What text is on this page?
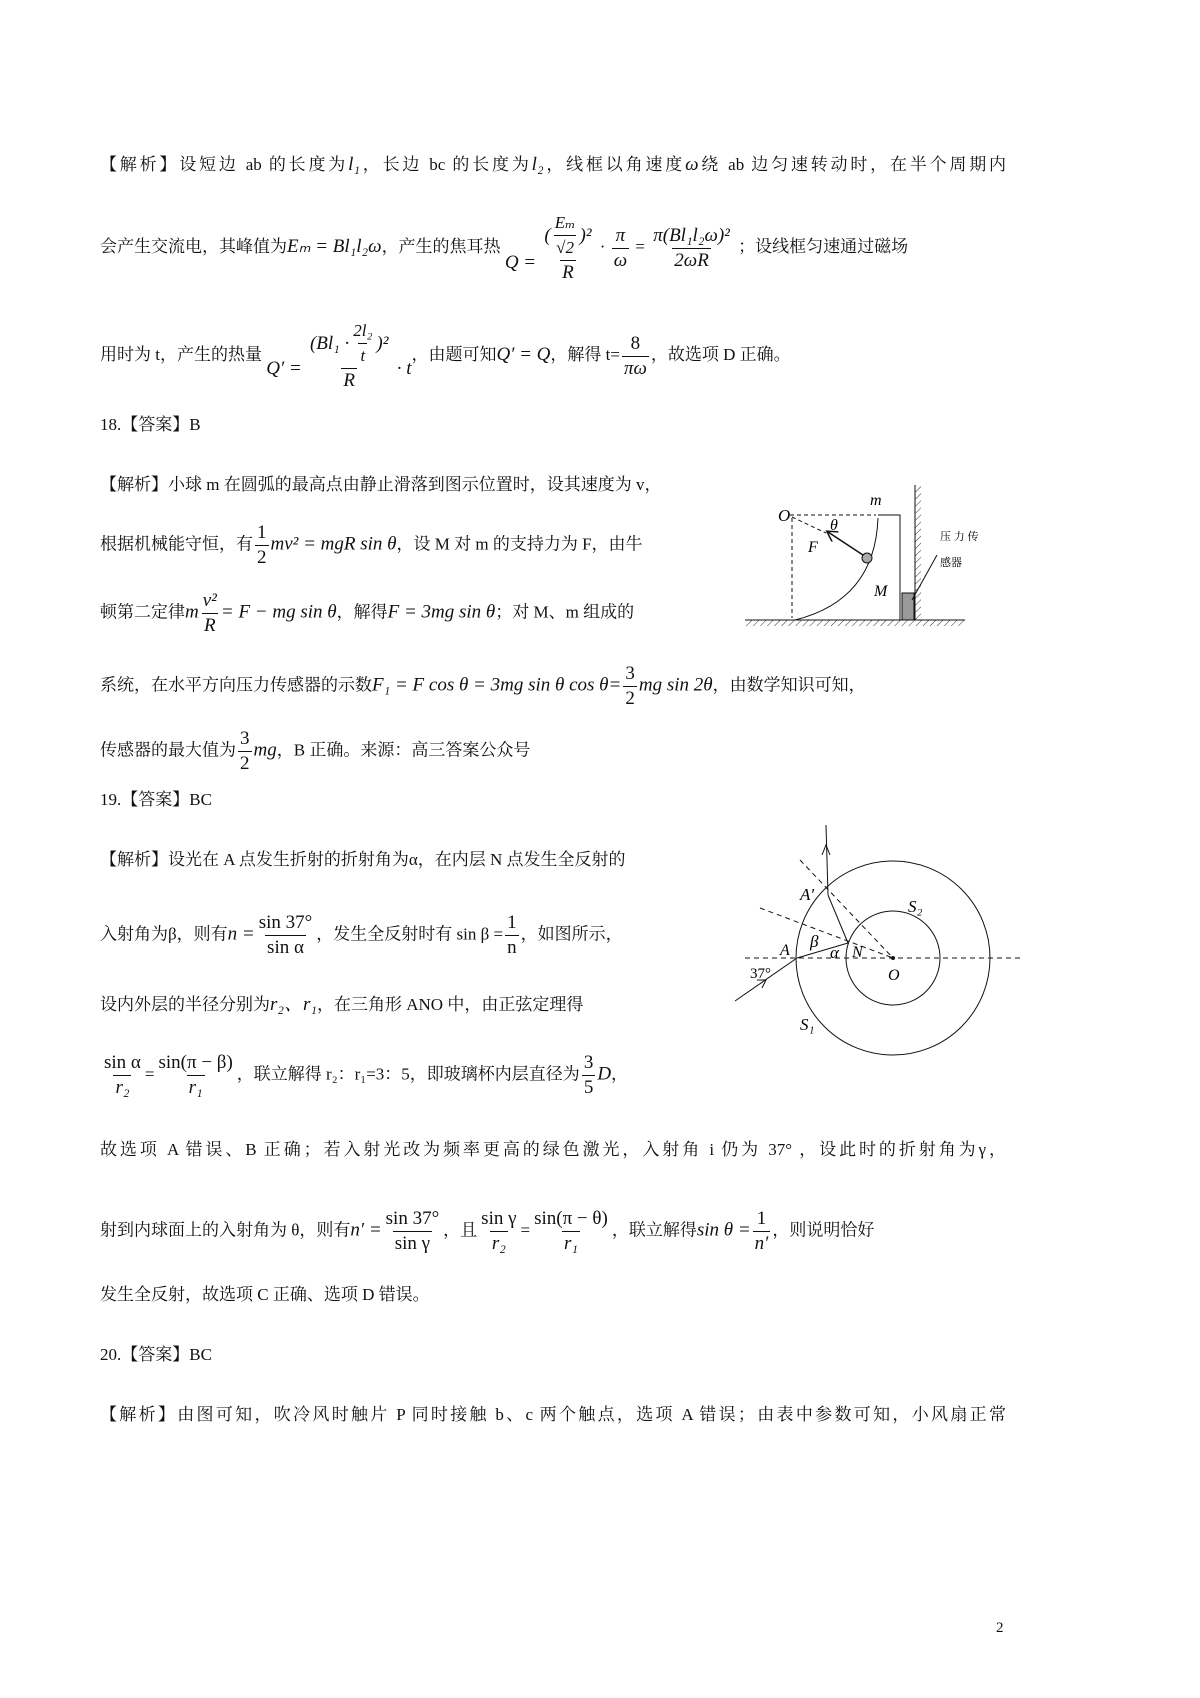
【解析】设短边 ab 的长度为l₁，长边 bc 的长度为l₂，线框以角速度ω绕 ab 边匀速转动时，在半个周期内
会产生交流电，其峰值为Eₘ = Bl₁l₂ω，产生的焦耳热 $Q = \frac{( \frac{\text{Eₘ}}{√2} )^2}{R} \cdot \frac{\pi}{\omega} = \frac{\text{π(Bl₁l₂ω)²}}{2\omega R}$ ；设线框匀速通过磁场
用时为 t，产生的热量 $Q' = \frac{(Bl_1 \cdot \frac{\text{2l₂}}{t} )^2}{R} \cdot t$，由题可知Q′ = Q，解得 $t= \frac{8}{\pi\omega}$ ，故选项 D 正确。
18.【答案】B
【解析】小球 m 在圆弧的最高点由静止滑落到图示位置时，设其速度为 v，
根据机械能守恒，有 $\frac{1}{2} mv^2$ = mgR sin θ，设 M 对 m 的支持力为 F，由牛
顿第二定律m $\frac{\text{v²}}{R} = F$ − mg sin θ，解得F = 3mg sin θ；对 M、m 组成的
系统，在水平方向压力传感器的示数F₁ = F cos θ = 3mg sin θ $\cos \theta= \frac{3}{2}$ mg sin 2θ，由数学知识可知，
传感器的最大值为 $\frac{3}{2}$ mg，B 正确。来源：高三答案公众号
O
m
θ
F
M
压 力 传
感器
19.【答案】BC
【解析】设光在 A 点发生折射的折射角为α，在内层 N 点发生全反射的
入射角为β，则有$n = \frac{\sin 37^\circ}{\text{sin α}}$ ，发生全反射时有 $\sin \beta = \frac{1}{n}$ ，如图所示，
设内外层的半径分别为r₂、r₁，在三角形 ANO 中，由正弦定理得
$\frac{\text{sin α}}{\text{r₂}} = \frac{\sin(\pi - \beta)}{\text{r₁}}$ ，联立解得 r₂：r₁=3：5，即玻璃杯内层直径为 $\frac{3}{5}$ D，
故选项 A 错误、B 正确；若入射光改为频率更高的绿色激光，入射角 i 仍为 37° ，设此时的折射角为γ，
射到内球面上的入射角为 θ，则有$n' = \frac{\sin 37^\circ}{\text{sin γ}}$ ，且 $\frac{\text{sin γ}}{\text{r₂}} = \frac{\sin(\pi - \theta)}{\text{r₁}}$ ，联立解得$\sin \theta = \frac{1}{n'}$ ，则说明恰好
发生全反射，故选项 C 正确、选项 D 错误。
A′
S₂
A β
α N
O
37°
S₁
20.【答案】BC
【解析】由图可知，吹冷风时触片 P 同时接触 b、c 两个触点，选项 A 错误；由表中参数可知，小风扇正常
2
